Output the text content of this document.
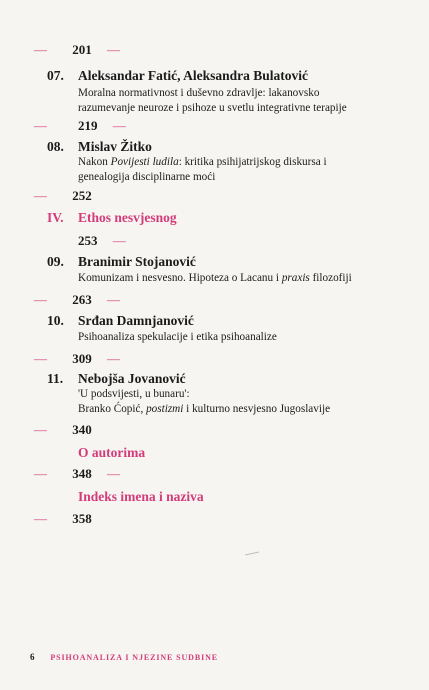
— 201 —
07. Aleksandar Fatić, Aleksandra Bulatović
Moralna normativnost i duševno zdravlje: lakanovsko
razumevanje neuroze i psihoze u svetlu integrativne terapije
219 —
—
08. Mislav Žitko
Nakon Povijesti ludila: kritika psihijatrijskog diskursa i
genealogija disciplinarne moći
— 252
IV. Ethos nesvjesnog
253 —
09. Branimir Stojanović
Komunizam i nesvesno. Hipoteza o Lacanu i praxis filozofiji
— 263 —
10. Srđan Damnjanović
Psihoanaliza spekulacije i etika psihoanalize
— 309 —
11. Nebojša Jovanović
'U podsvijesti, u bunaru':
Branko Ćopić, postizmi i kulturno nesvjesno Jugoslavije
— 340
O autorima
— 348 —
Indeks imena i naziva
— 358
6 PSIHOANALIZA I NJEZINE SUDBINE
